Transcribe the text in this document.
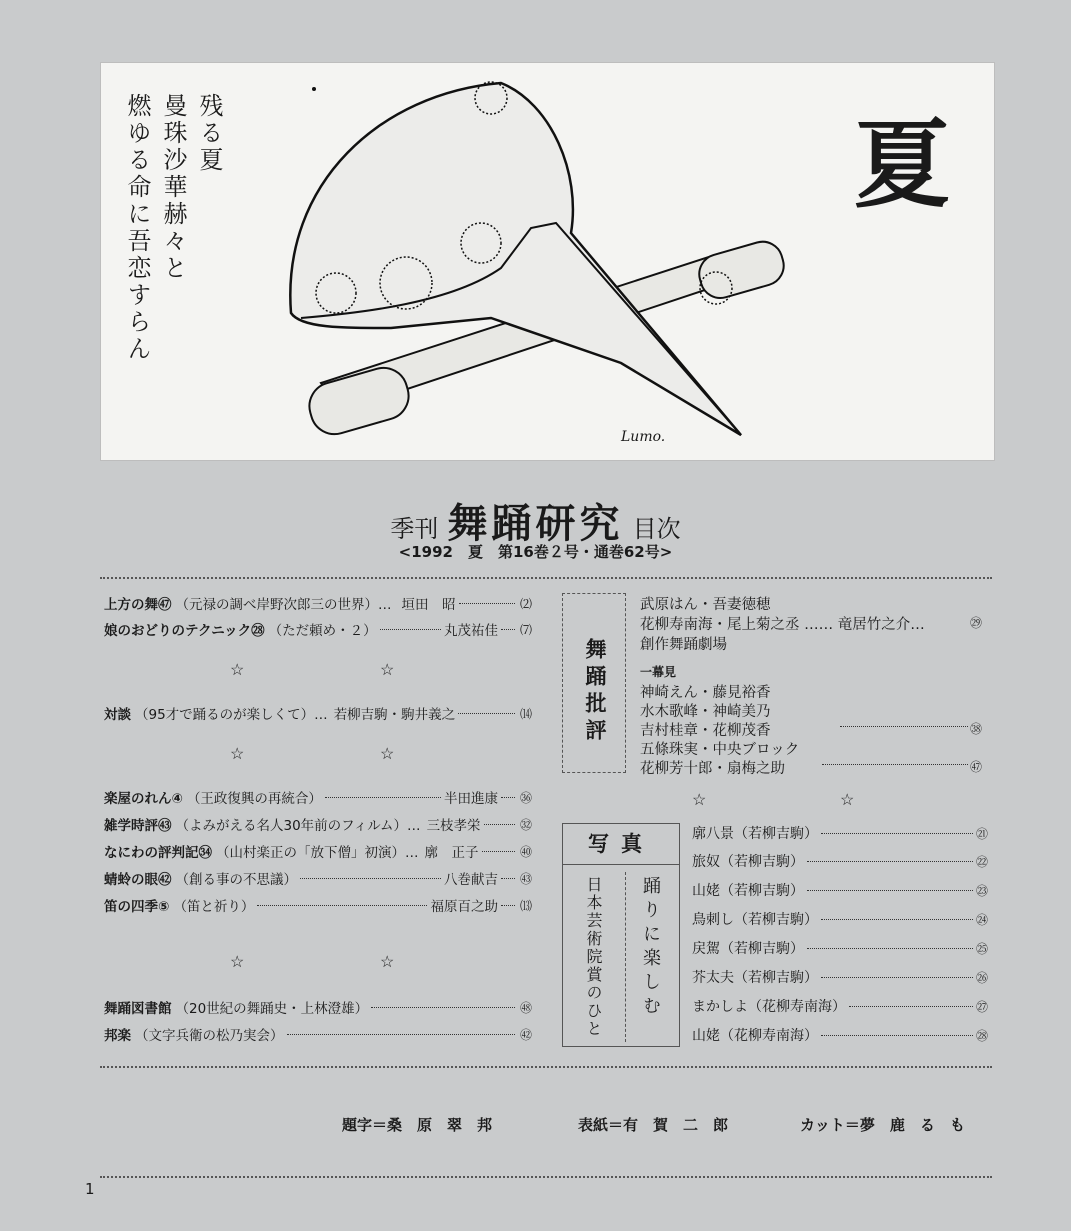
残る夏
曼珠沙華赫々と
燃ゆる命に吾恋すらん	夏
Lumo.
季刊 舞踊研究 目次
<1992　夏　第16巻２号・通巻62号>
上方の舞㊼ （元禄の調べ岸野次郎三の世界）… 垣田　昭	⑵
娘のおどりのテクニック㉘ （ただ頼め・２）	丸茂祐佳 ⑺
☆	☆
対談 （95才で踊るのが楽しくて）… 若柳吉駒・駒井義之	⒁
☆	☆
楽屋のれん④ （王政復興の再統合）	半田進康 ㊱
雑学時評㊸ （よみがえる名人30年前のフィルム）… 三枝孝栄	㉜
なにわの評判記㉞ （山村楽正の「放下僧」初演）… 廓　正子	㊵
蜻蛉の眼㊷ （創る事の不思議）	八巻献吉 ㊸
笛の四季⑤ （笛と祈り）	福原百之助 ⒀
☆	☆
舞踊図書館 （20世紀の舞踊史・上林澄雄）	㊽
邦楽 （文字兵衛の松乃実会）	㊷
舞踊批評
武原はん・吾妻徳穂
花柳寿南海・尾上菊之丞 …… 竜居竹之介…	㉙
創作舞踊劇場
一幕見
神崎えん・藤見裕香
水木歌峰・神崎美乃
吉村桂章・花柳茂香	㊳
五條珠実・中央ブロック
花柳芳十郎・扇梅之助	㊼
☆	☆
写真
踊りに楽しむ
日本芸術院賞のひと
廓八景（若柳吉駒）	㉑
旅奴（若柳吉駒）	㉒
山姥（若柳吉駒）	㉓
鳥刺し（若柳吉駒）	㉔
戻駕（若柳吉駒）	㉕
芥太夫（若柳吉駒）	㉖
まかしよ（花柳寿南海）	㉗
山姥（花柳寿南海）	㉘
題字＝桑　原　翠　邦	表紙＝有　賀　二　郎	カット＝夢　鹿　る　も
1
